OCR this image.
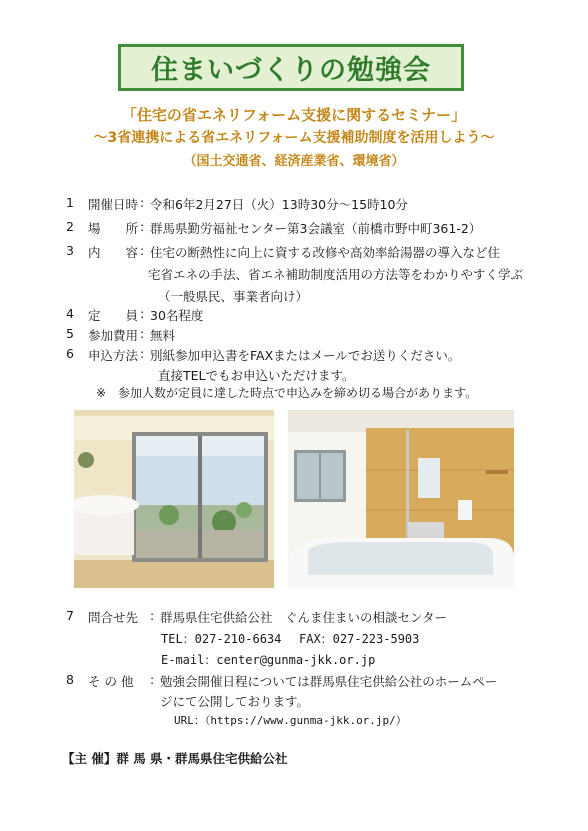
住まいづくりの勉強会
「住宅の省エネリフォーム支援に関するセミナー」
〜3省連携による省エネリフォーム支援補助制度を活用しよう〜
（国土交通省、経済産業省、環境省）
1 開催日時 令和6年2月27日（火）13時30分〜15時10分
:
2 場　　所 群馬県勤労福祉センター第3会議室（前橋市野中町361-2）
:
3 内　　容 住宅の断熱性に向上に資する改修や高効率給湯器の導入など住
:
宅省エネの手法、省エネ補助制度活用の方法等をわかりやすく学ぶ
（一般県民、事業者向け）
4 定　　員 30名程度
:
5 参加費用 無料
:
6 申込方法 別紙参加申込書をFAXまたはメールでお送りください。
:
直接TELでもお申込いただけます。
※　参加人数が定員に達した時点で申込みを締め切る場合があります。
7 問合せ先 : 群馬県住宅供給公社　ぐんま住まいの相談センター
TEL：027-210-6634 FAX：027-223-5903
E-mail：center@gunma-jkk.or.jp
8 そ の 他 : 勉強会開催日程については群馬県住宅供給公社のホームペー
ジにて公開しております。
URL：（https://www.gunma-jkk.or.jp/）
【主 催】群 馬 県・群馬県住宅供給公社
